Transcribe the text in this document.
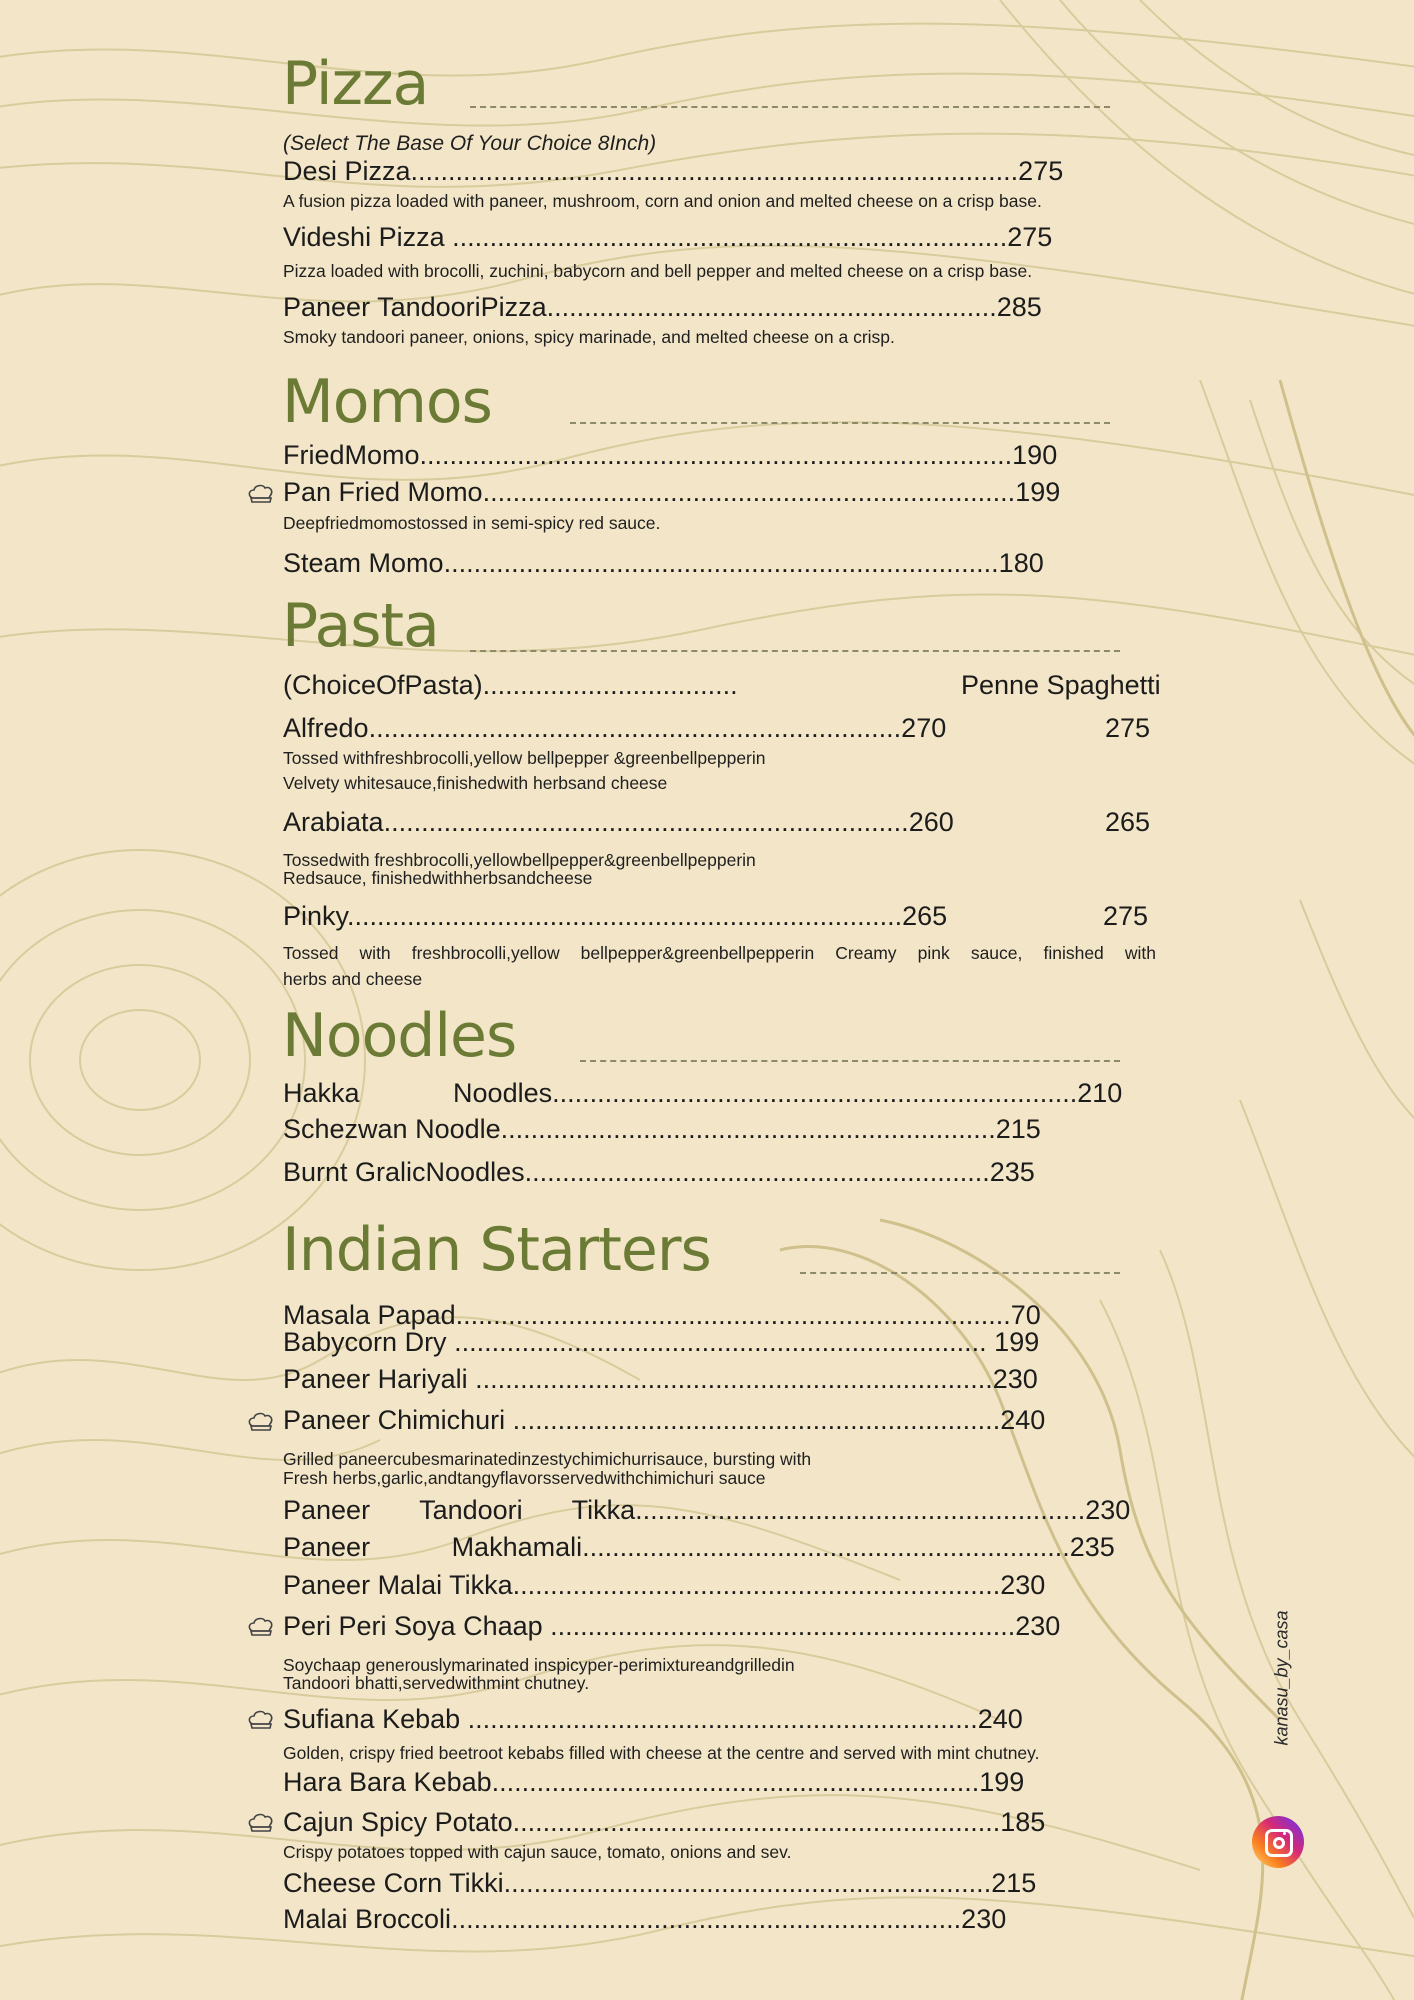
Pizza
(Select The Base Of Your Choice 8Inch)
Desi Pizza.................................................................................275
A fusion pizza loaded with paneer, mushroom, corn and onion and melted cheese on a crisp base.
Videshi Pizza ..........................................................................275
Pizza loaded with brocolli, zuchini, babycorn and bell pepper and melted cheese on a crisp base.
Paneer TandooriPizza............................................................285
Smoky tandoori paneer, onions, spicy marinade, and melted cheese on a crisp.
Momos
FriedMomo...............................................................................190
Pan Fried Momo.......................................................................199
Deepfriedmomostossed in semi-spicy red sauce.
Steam Momo..........................................................................180
Pasta
(ChoiceOfPasta)..................................	Penne Spaghetti
Alfredo.......................................................................270	275
Tossed withfreshbrocolli,yellow bellpepper &greenbellpepperin
Velvety whitesauce,finishedwith herbsand cheese
Arabiata......................................................................260	265
Tossedwith freshbrocolli,yellowbellpepper&greenbellpepperin
Redsauce, finishedwithherbsandcheese
Pinky..........................................................................265	275
Tossed with freshbrocolli,yellow bellpepper&greenbellpepperin Creamy pink sauce, finished with
herbs and cheese
Noodles
Hakka Noodles......................................................................210
Schezwan Noodle..................................................................215
Burnt GralicNoodles..............................................................235
Indian Starters
Masala Papad..........................................................................70
Babycorn Dry ....................................................................... 199
Paneer Hariyali .....................................................................230
Paneer Chimichuri .................................................................240
Grilled paneercubesmarinatedinzestychimichurrisauce, bursting with
Fresh herbs,garlic,andtangyflavorsservedwithchimichuri sauce
Paneer Tandoori Tikka............................................................230
Paneer Makhamali.................................................................235
Paneer Malai Tikka.................................................................230
Peri Peri Soya Chaap ..............................................................230
Soychaap generouslymarinated inspicyper-perimixtureandgrilledin
Tandoori bhatti,servedwithmint chutney.
Sufiana Kebab ....................................................................240
Golden, crispy fried beetroot kebabs filled with cheese at the centre and served with mint chutney.
Hara Bara Kebab.................................................................199
Cajun Spicy Potato.................................................................185
Crispy potatoes topped with cajun sauce, tomato, onions and sev.
Cheese Corn Tikki.................................................................215
Malai Broccoli....................................................................230
kanasu_by_casa
